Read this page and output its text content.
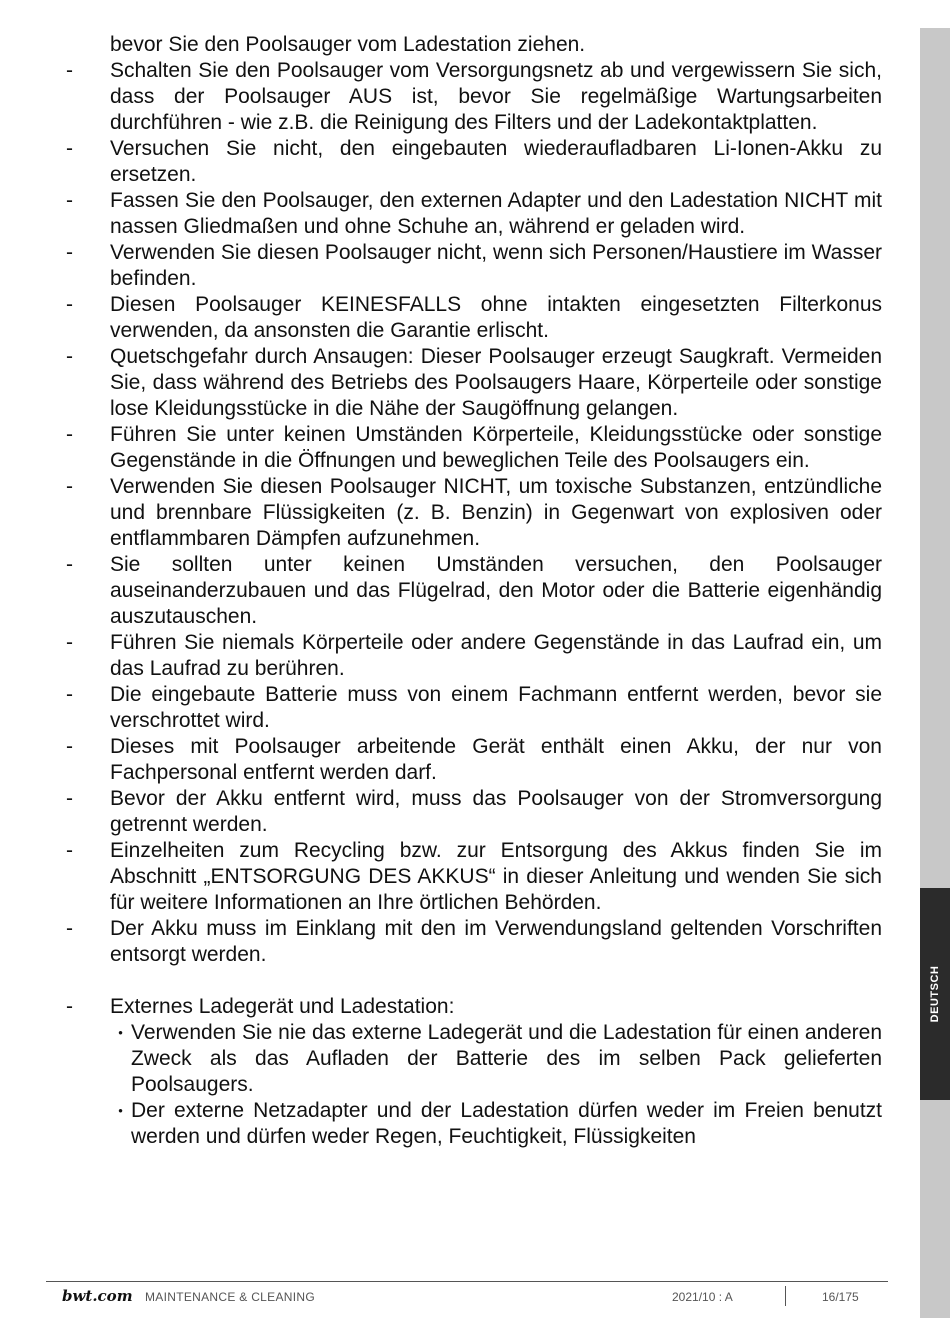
DEUTSCH
bevor Sie den Poolsauger vom Ladestation ziehen.
-	Schalten Sie den Poolsauger vom Versorgungsnetz ab und vergewissern Sie sich, dass der Poolsauger AUS ist, bevor Sie regelmäßige Wartungsarbeiten durchführen - wie z.B. die Reinigung des Filters und der Ladekontaktplatten.
-	Versuchen Sie nicht, den eingebauten wiederaufladbaren Li-Ionen-Akku zu ersetzen.
-	Fassen Sie den Poolsauger, den externen Adapter und den Ladestation NICHT mit nassen Gliedmaßen und ohne Schuhe an, während er geladen wird.
-	Verwenden Sie diesen Poolsauger nicht, wenn sich Personen/Haustiere im Wasser befinden.
-	Diesen Poolsauger KEINESFALLS ohne intakten eingesetzten Filterkonus verwenden, da ansonsten die Garantie erlischt.
-	Quetschgefahr durch Ansaugen: Dieser Poolsauger erzeugt Saugkraft. Vermeiden Sie, dass während des Betriebs des Poolsaugers Haare, Körperteile oder sonstige lose Kleidungsstücke in die Nähe der Saugöffnung gelangen.
-	Führen Sie unter keinen Umständen Körperteile, Kleidungsstücke oder sonstige Gegenstände in die Öffnungen und beweglichen Teile des Poolsaugers ein.
-	Verwenden Sie diesen Poolsauger NICHT, um toxische Substanzen, entzündliche und brennbare Flüssigkeiten (z. B. Benzin) in Gegenwart von explosiven oder entflammbaren Dämpfen aufzunehmen.
-	Sie sollten unter keinen Umständen versuchen, den Poolsauger auseinanderzubauen und das Flügelrad, den Motor oder die Batterie eigenhändig auszutauschen.
-	Führen Sie niemals Körperteile oder andere Gegenstände in das Laufrad ein, um das Laufrad zu berühren.
-	Die eingebaute Batterie muss von einem Fachmann entfernt werden, bevor sie verschrottet wird.
-	Dieses mit Poolsauger arbeitende Gerät enthält einen Akku, der nur von Fachpersonal entfernt werden darf.
-	Bevor der Akku entfernt wird, muss das Poolsauger von der Stromversorgung getrennt werden.
-	Einzelheiten zum Recycling bzw. zur Entsorgung des Akkus finden Sie im Abschnitt „ENTSORGUNG DES AKKUS“ in dieser Anleitung und wenden Sie sich für weitere Informationen an Ihre örtlichen Behörden.
-	Der Akku muss im Einklang mit den im Verwendungsland geltenden Vorschriften entsorgt werden.
-	Externes Ladegerät und Ladestation:
• Verwenden Sie nie das externe Ladegerät und die Ladestation für einen anderen Zweck als das Aufladen der Batterie des im selben Pack gelieferten Poolsaugers.
• Der externe Netzadapter und der Ladestation dürfen weder im Freien benutzt werden und dürfen weder Regen, Feuchtigkeit, Flüssigkeiten
bwt.com MAINTENANCE & CLEANING	2021/10 : A	16/175
